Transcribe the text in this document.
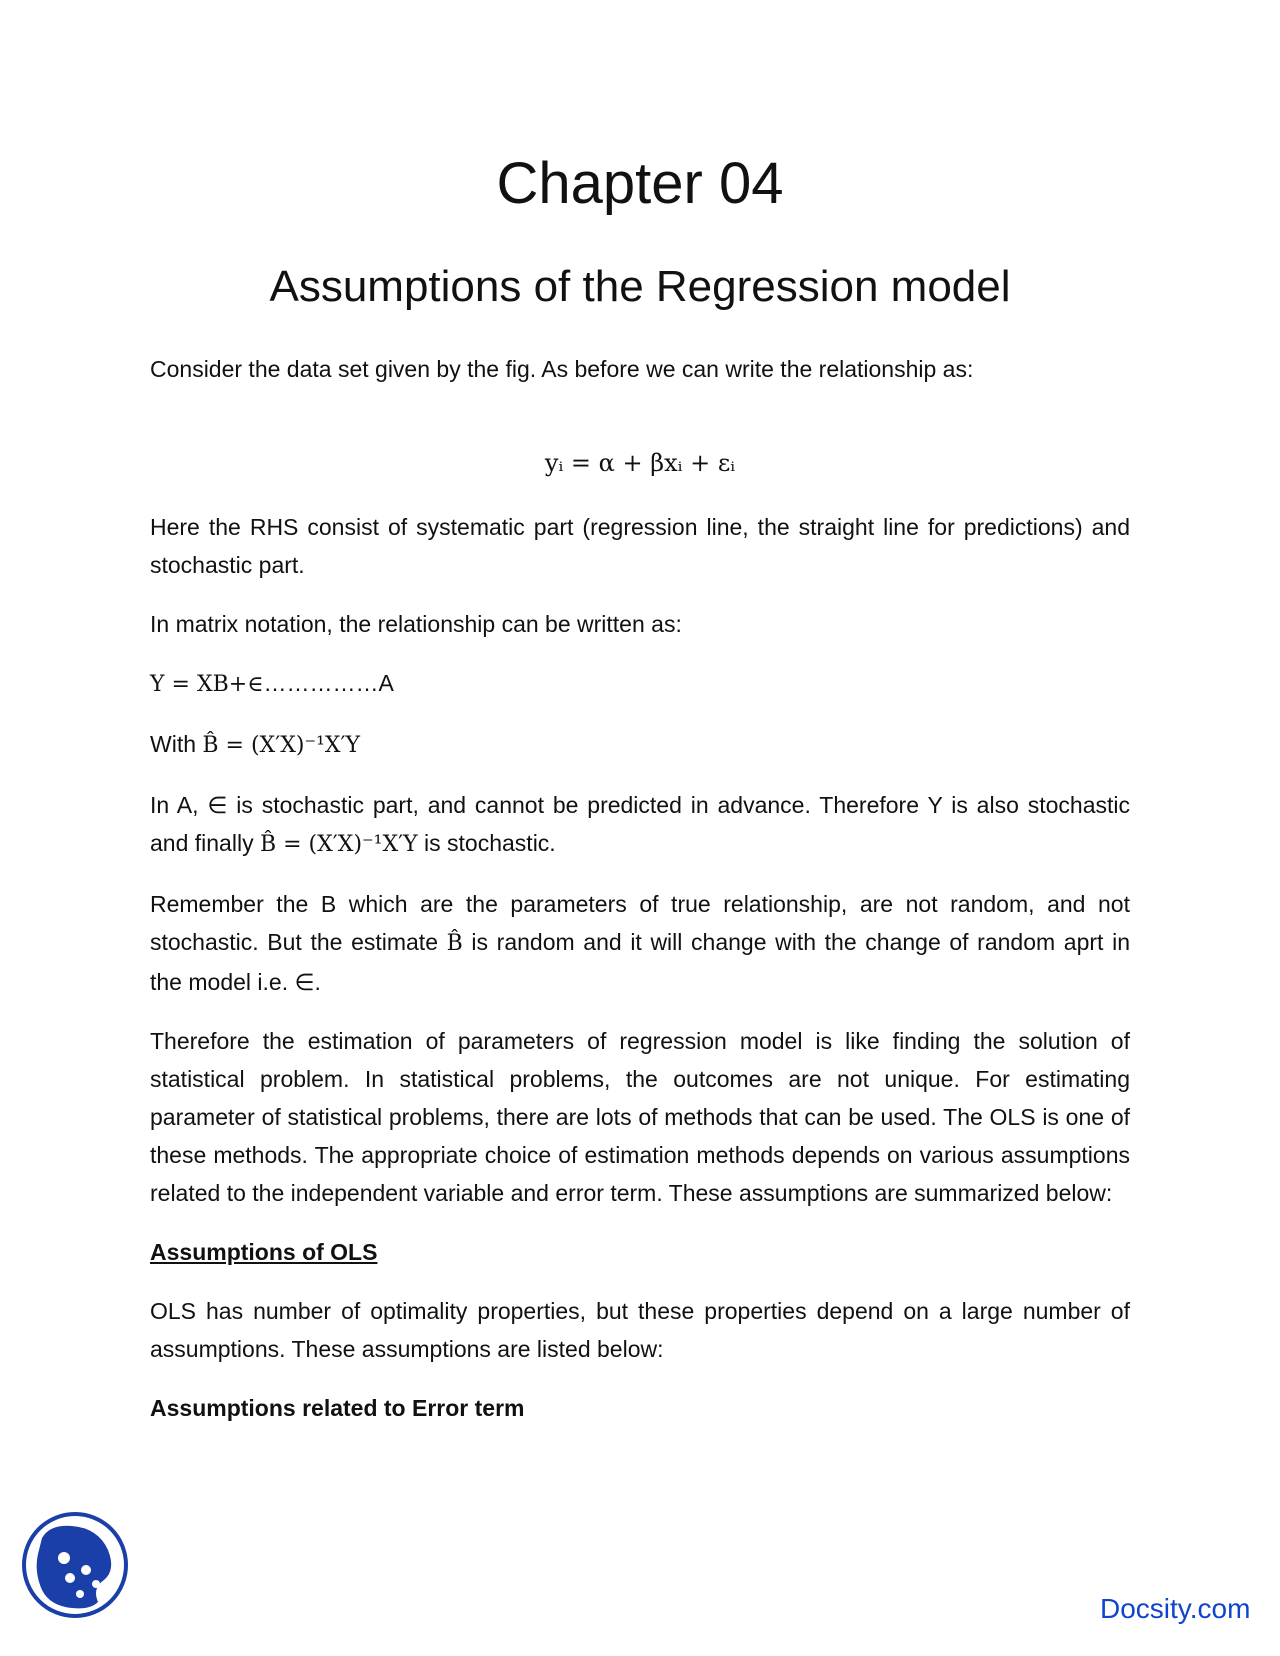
Chapter 04
Assumptions of the Regression model

Consider the data set given by the fig. As before we can write the relationship as:

yᵢ = α + βxᵢ + εᵢ

Here the RHS consist of systematic part (regression line, the straight line for predictions) and stochastic part.

In matrix notation, the relationship can be written as:

Y = XB+∈……………A

With B̂ = (X′X)⁻¹X′Y

In A, ∈ is stochastic part, and cannot be predicted in advance. Therefore Y is also stochastic and finally B̂ = (X′X)⁻¹X′Y is stochastic.

Remember the B which are the parameters of true relationship, are not random, and not stochastic. But the estimate B̂ is random and it will change with the change of random aprt in the model i.e. ∈.

Therefore the estimation of parameters of regression model is like finding the solution of statistical problem. In statistical problems, the outcomes are not unique. For estimating parameter of statistical problems, there are lots of methods that can be used. The OLS is one of these methods. The appropriate choice of estimation methods depends on various assumptions related to the independent variable and error term. These assumptions are summarized below:

Assumptions of OLS

OLS has number of optimality properties, but these properties depend on a large number of assumptions. These assumptions are listed below:

Assumptions related to Error term

Docsity.com
